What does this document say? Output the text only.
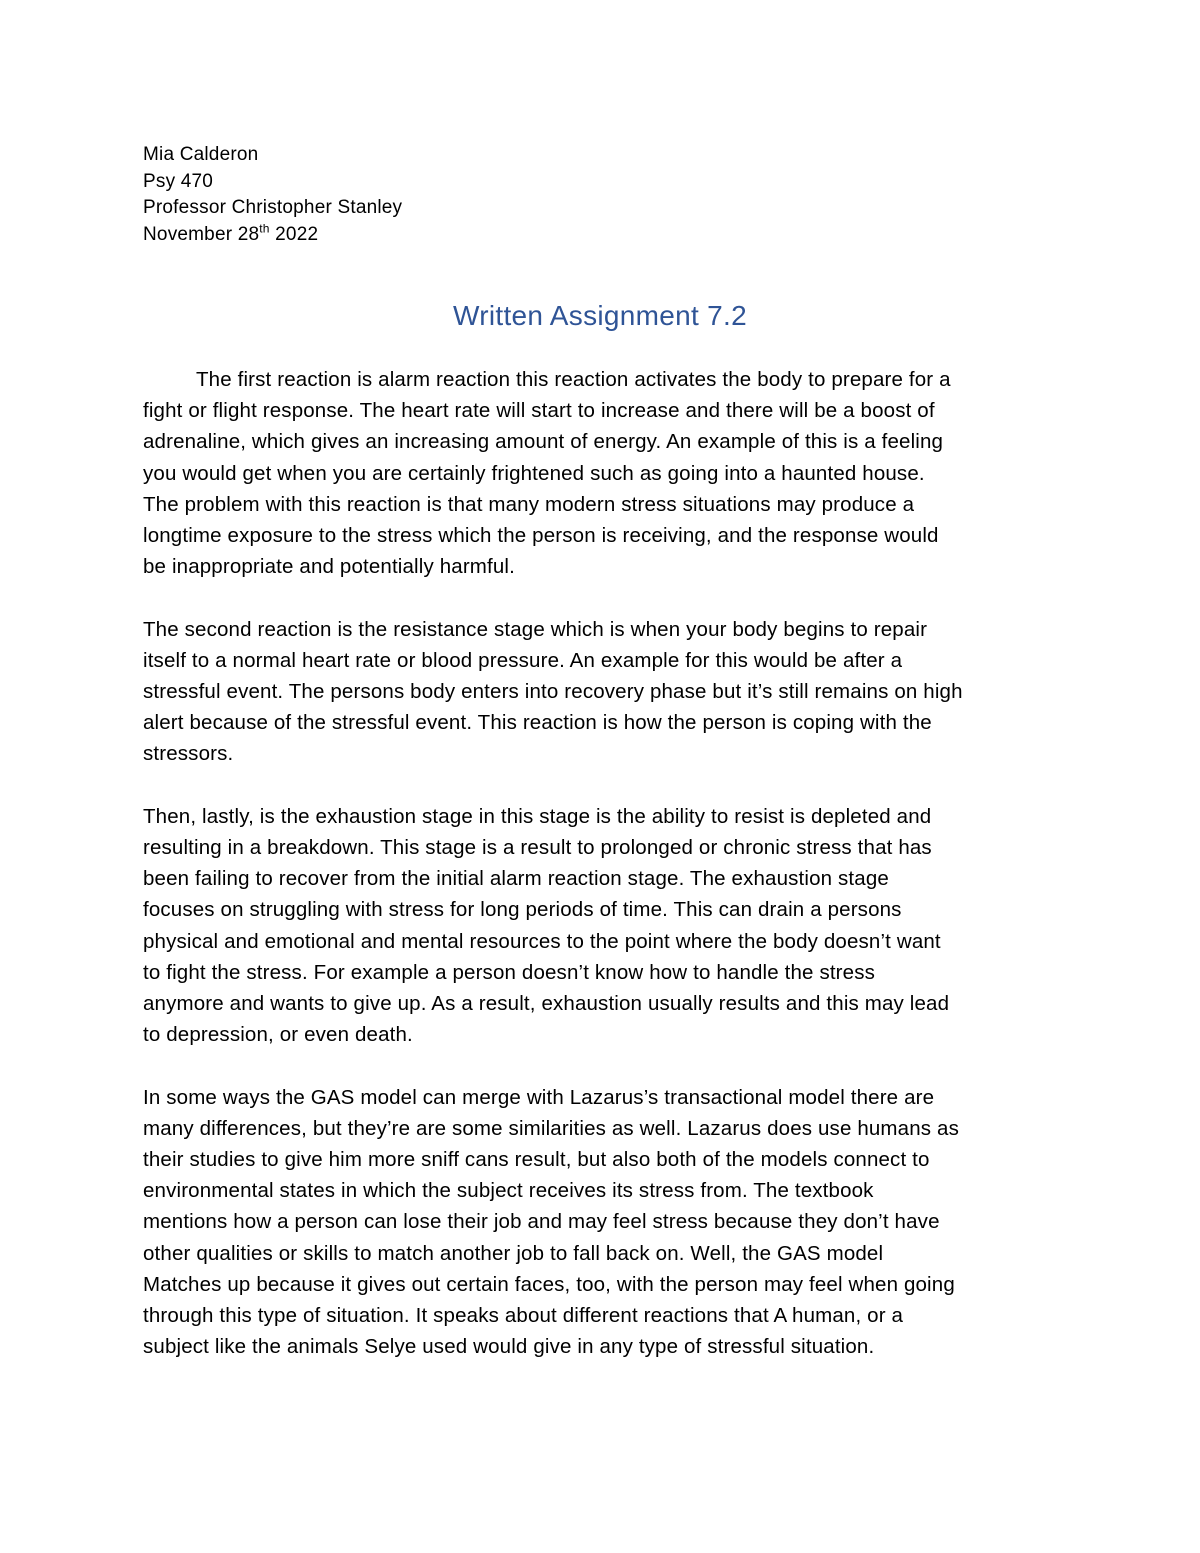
Mia Calderon
Psy 470
Professor Christopher Stanley
November 28th 2022
Written Assignment 7.2

The first reaction is alarm reaction this reaction activates the body to prepare for a
fight or flight response. The heart rate will start to increase and there will be a boost of
adrenaline, which gives an increasing amount of energy. An example of this is a feeling
you would get when you are certainly frightened such as going into a haunted house.
The problem with this reaction is that many modern stress situations may produce a
longtime exposure to the stress which the person is receiving, and the response would
be inappropriate and potentially harmful.

The second reaction is the resistance stage which is when your body begins to repair
itself to a normal heart rate or blood pressure. An example for this would be after a
stressful event. The persons body enters into recovery phase but it’s still remains on high
alert because of the stressful event. This reaction is how the person is coping with the
stressors.

Then, lastly, is the exhaustion stage in this stage is the ability to resist is depleted and
resulting in a breakdown. This stage is a result to prolonged or chronic stress that has
been failing to recover from the initial alarm reaction stage. The exhaustion stage
focuses on struggling with stress for long periods of time. This can drain a persons
physical and emotional and mental resources to the point where the body doesn’t want
to fight the stress. For example a person doesn’t know how to handle the stress
anymore and wants to give up. As a result, exhaustion usually results and this may lead
to depression, or even death.

In some ways the GAS model can merge with Lazarus’s transactional model there are
many differences, but they’re are some similarities as well. Lazarus does use humans as
their studies to give him more sniff cans result, but also both of the models connect to
environmental states in which the subject receives its stress from. The textbook
mentions how a person can lose their job and may feel stress because they don’t have
other qualities or skills to match another job to fall back on. Well, the GAS model
Matches up because it gives out certain faces, too, with the person may feel when going
through this type of situation. It speaks about different reactions that A human, or a
subject like the animals Selye used would give in any type of stressful situation.
